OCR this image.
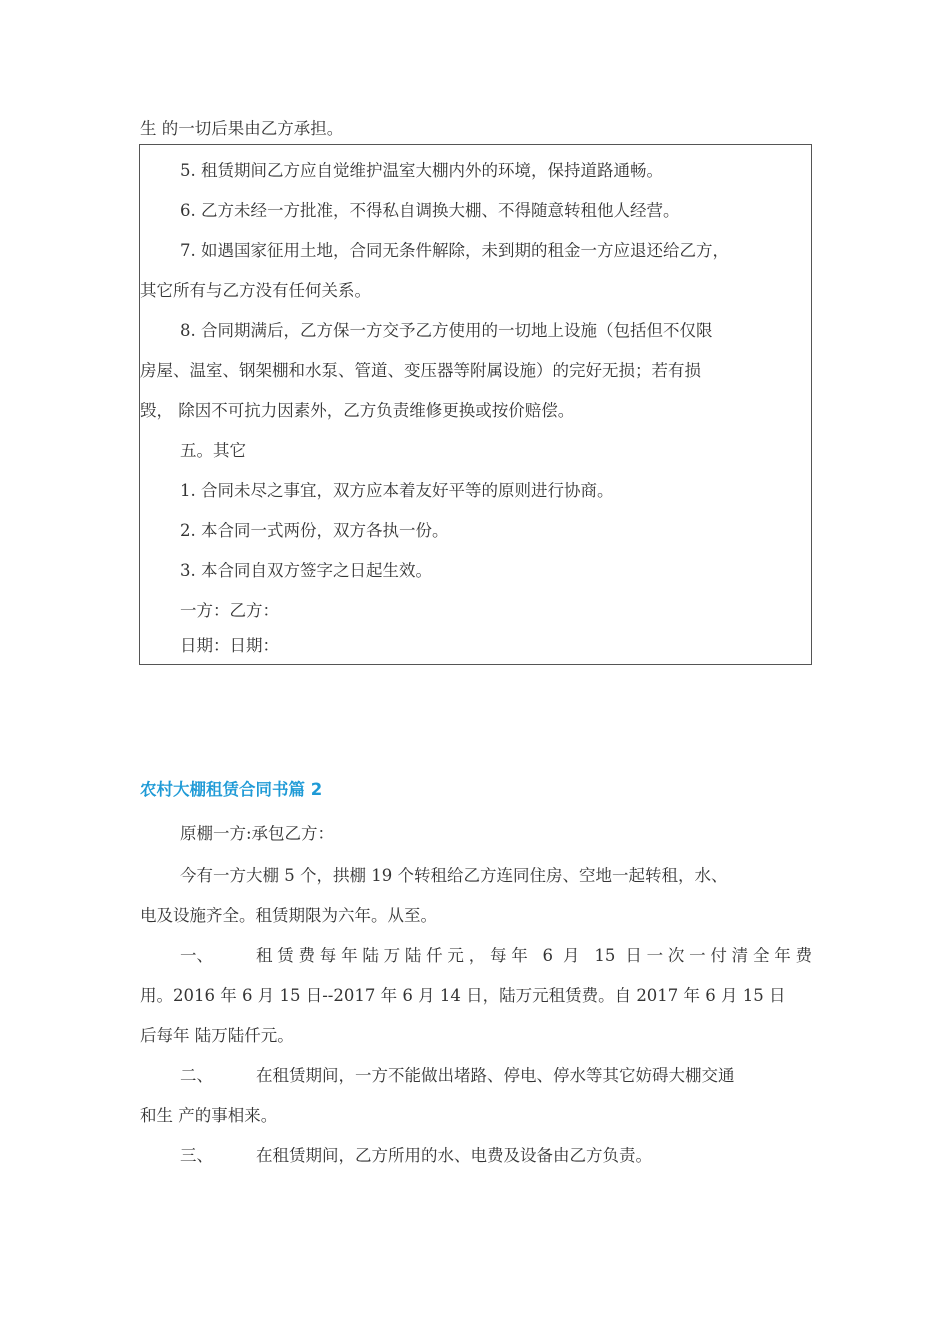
生 的一切后果由乙方承担。
5. 租赁期间乙方应自觉维护温室大棚内外的环境，保持道路通畅。
6. 乙方未经一方批准，不得私自调换大棚、不得随意转租他人经营。
7. 如遇国家征用土地，合同无条件解除，未到期的租金一方应退还给乙方，
其它所有与乙方没有任何关系。
8. 合同期满后，乙方保一方交予乙方使用的一切地上设施（包括但不仅限
房屋、温室、钢架棚和水泵、管道、变压器等附属设施）的完好无损；若有损
毁， 除因不可抗力因素外，乙方负责维修更换或按价赔偿。
五。其它
1. 合同未尽之事宜，双方应本着友好平等的原则进行协商。
2. 本合同一式两份，双方各执一份。
3. 本合同自双方签字之日起生效。
一方：乙方：
日期：日期：
农村大棚租赁合同书篇 2
原棚一方:承包乙方：
今有一方大棚 5 个，拱棚 19 个转租给乙方连同住房、空地一起转租，水、
电及设施齐全。租赁期限为六年。从至。
一、	租赁费每年陆万陆仟元，每年 6 月 15 日一次一付清全年费
用。2016 年 6 月 15 日--2017 年 6 月 14 日，陆万元租赁费。自 2017 年 6 月 15 日
后每年 陆万陆仟元。
二、	在租赁期间，一方不能做出堵路、停电、停水等其它妨碍大棚交通
和生 产的事相来。
三、	在租赁期间，乙方所用的水、电费及设备由乙方负责。
